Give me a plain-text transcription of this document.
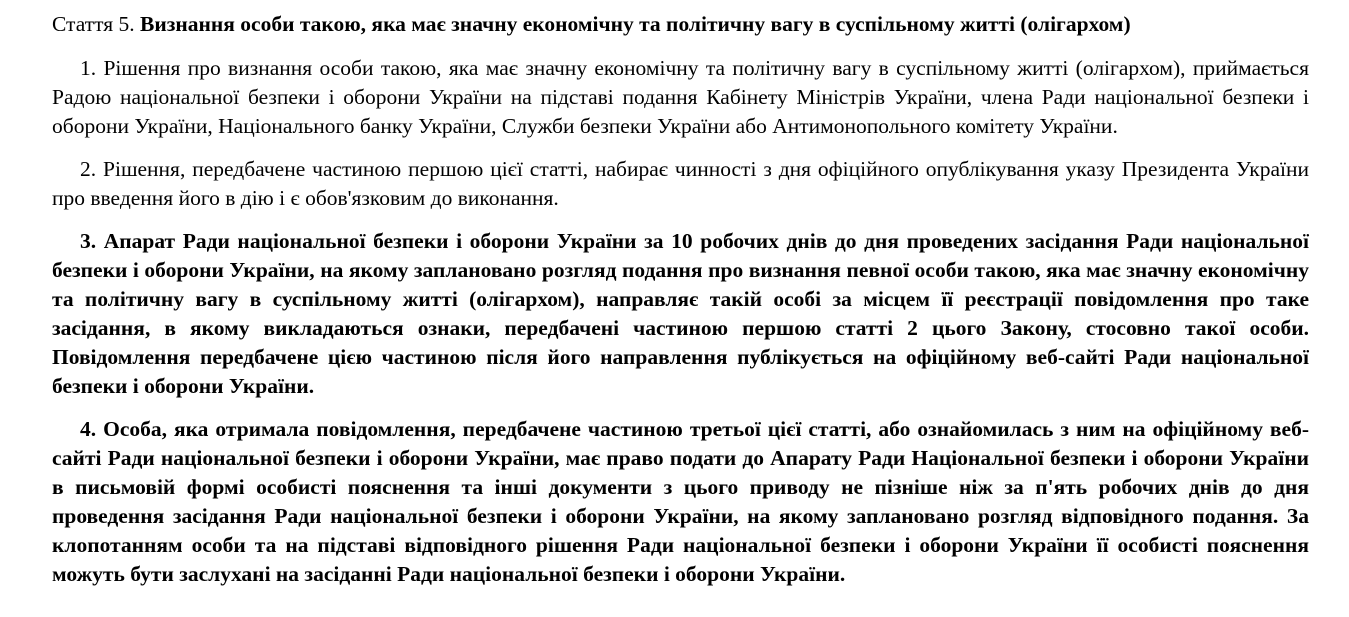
Стаття 5. Визнання особи такою, яка має значну економічну та політичну вагу в суспільному житті (олігархом)

1. Рішення про визнання особи такою, яка має значну економічну та політичну вагу в суспільному житті (олігархом), приймається Радою національної безпеки і оборони України на підставі подання Кабінету Міністрів України, члена Ради національної безпеки і оборони України, Національного банку України, Служби безпеки України або Антимонопольного комітету України.

2. Рішення, передбачене частиною першою цієї статті, набирає чинності з дня офіційного опублікування указу Президента України про введення його в дію і є обов'язковим до виконання.

3. Апарат Ради національної безпеки і оборони України за 10 робочих днів до дня проведених засідання Ради національної безпеки і оборони України, на якому заплановано розгляд подання про визнання певної особи такою, яка має значну економічну та політичну вагу в суспільному житті (олігархом), направляє такій особі за місцем її реєстрації повідомлення про таке засідання, в якому викладаються ознаки, передбачені частиною першою статті 2 цього Закону, стосовно такої особи. Повідомлення передбачене цією частиною після його направлення публікується на офіційному веб-сайті Ради національної безпеки і оборони України.

4. Особа, яка отримала повідомлення, передбачене частиною третьої цієї статті, або ознайомилась з ним на офіційному веб-сайті Ради національної безпеки і оборони України, має право подати до Апарату Ради Національної безпеки і оборони України в письмовій формі особисті пояснення та інші документи з цього приводу не пізніше ніж за п'ять робочих днів до дня проведення засідання Ради національної безпеки і оборони України, на якому заплановано розгляд відповідного подання. За клопотанням особи та на підставі відповідного рішення Ради національної безпеки і оборони України її особисті пояснення можуть бути заслухані на засіданні Ради національної безпеки і оборони України.
